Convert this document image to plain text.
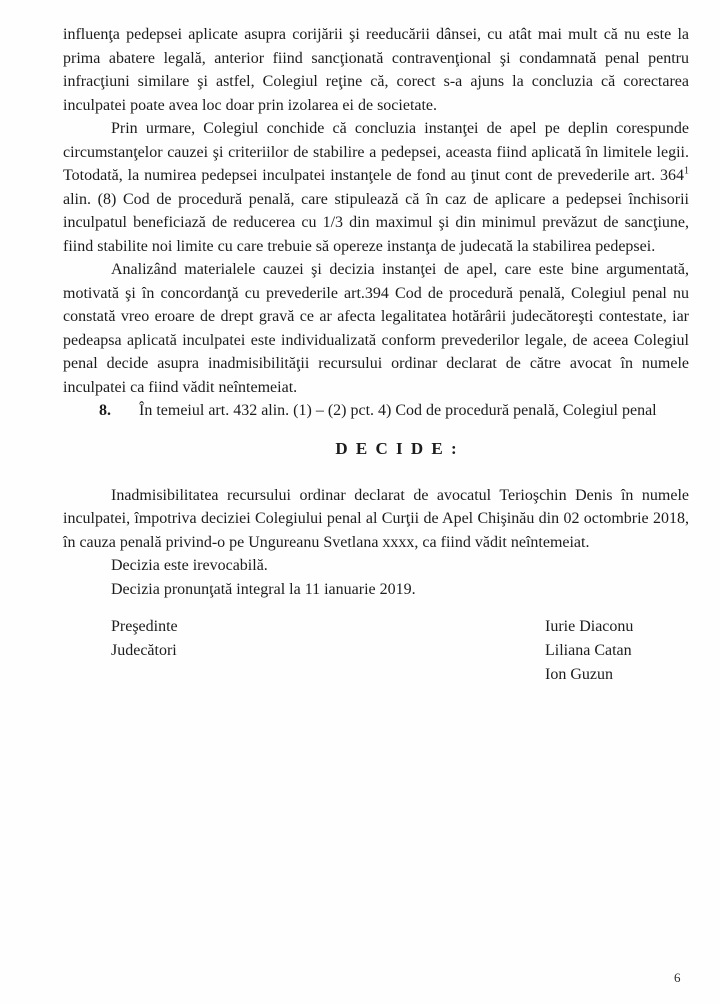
influenţa pedepsei aplicate asupra corijării şi reeducării dânsei, cu atât mai mult că nu este la prima abatere legală, anterior fiind sancţionată contravenţional şi condamnată penal pentru infracţiuni similare şi astfel, Colegiul reţine că, corect s-a ajuns la concluzia că corectarea inculpatei poate avea loc doar prin izolarea ei de societate.

Prin urmare, Colegiul conchide că concluzia instanţei de apel pe deplin corespunde circumstanţelor cauzei şi criteriilor de stabilire a pedepsei, aceasta fiind aplicată în limitele legii. Totodată, la numirea pedepsei inculpatei instanţele de fond au ţinut cont de prevederile art. $364^1$ alin. (8) Cod de procedură penală, care stipulează că în caz de aplicare a pedepsei închisorii inculpatul beneficiază de reducerea cu 1/3 din maximul şi din minimul prevăzut de sancţiune, fiind stabilite noi limite cu care trebuie să opereze instanţa de judecată la stabilirea pedepsei.

Analizând materialele cauzei şi decizia instanţei de apel, care este bine argumentată, motivată şi în concordanţă cu prevederile art.394 Cod de procedură penală, Colegiul penal nu constată vreo eroare de drept gravă ce ar afecta legalitatea hotărârii judecătoreşti contestate, iar pedeapsa aplicată inculpatei este individualizată conform prevederilor legale, de aceea Colegiul penal decide asupra inadmisibilităţii recursului ordinar declarat de către avocat în numele inculpatei ca fiind vădit neîntemeiat.

8. În temeiul art. 432 alin. (1) – (2) pct. 4) Cod de procedură penală, Colegiul penal

D E C I D E :

Inadmisibilitatea recursului ordinar declarat de avocatul Terioşchin Denis în numele inculpatei, împotriva deciziei Colegiului penal al Curţii de Apel Chişinău din 02 octombrie 2018, în cauza penală privind-o pe Ungureanu Svetlana xxxx, ca fiind vădit neîntemeiat.

Decizia este irevocabilă.

Decizia pronunţată integral la 11 ianuarie 2019.

Preşedinte
Judecători
Iurie Diaconu
Liliana Catan
Ion Guzun
6
